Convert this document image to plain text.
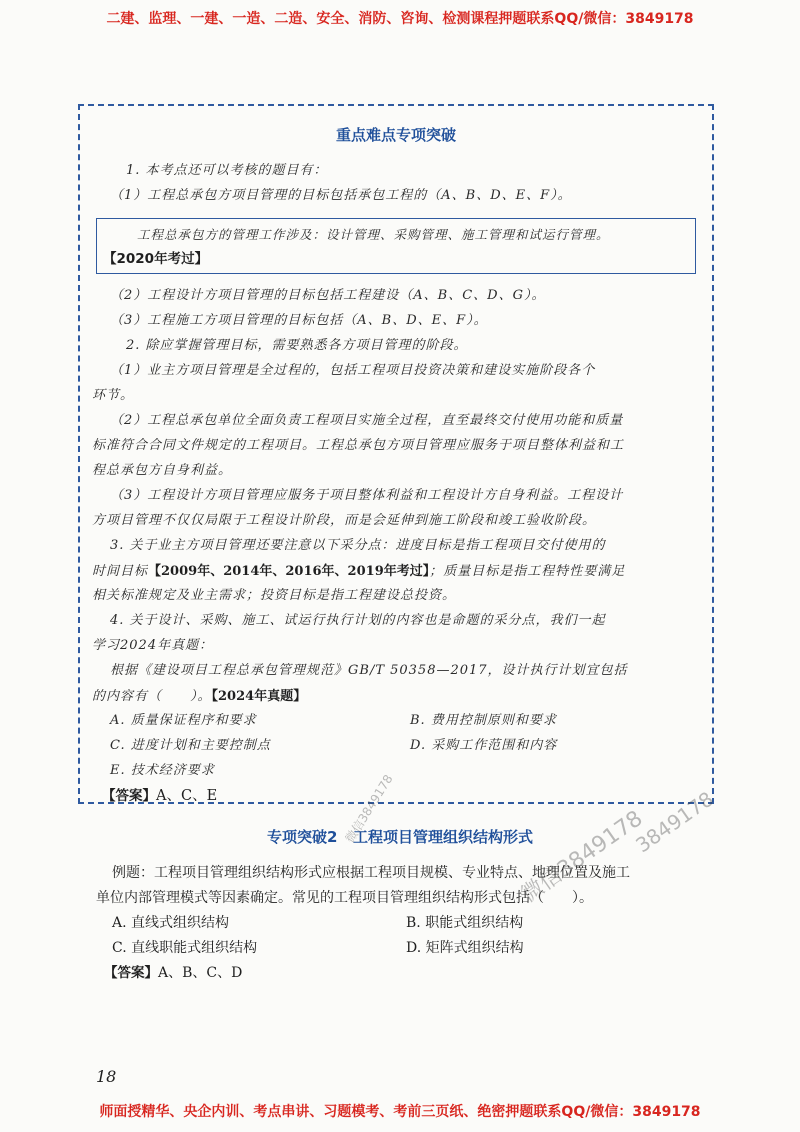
二建、监理、一建、一造、二造、安全、消防、咨询、检测课程押题联系QQ/微信：3849178
重点难点专项突破
1. 本考点还可以考核的题目有：
（1）工程总承包方项目管理的目标包括承包工程的（A、B、D、E、F）。
工程总承包方的管理工作涉及：设计管理、采购管理、施工管理和试运行管理。
【2020年考过】
（2）工程设计方项目管理的目标包括工程建设（A、B、C、D、G）。
（3）工程施工方项目管理的目标包括（A、B、D、E、F）。
2. 除应掌握管理目标，需要熟悉各方项目管理的阶段。
（1）业主方项目管理是全过程的，包括工程项目投资决策和建设实施阶段各个
环节。
（2）工程总承包单位全面负责工程项目实施全过程，直至最终交付使用功能和质量
标准符合合同文件规定的工程项目。工程总承包方项目管理应服务于项目整体利益和工
程总承包方自身利益。
（3）工程设计方项目管理应服务于项目整体利益和工程设计方自身利益。工程设计
方项目管理不仅仅局限于工程设计阶段，而是会延伸到施工阶段和竣工验收阶段。
3. 关于业主方项目管理还要注意以下采分点：进度目标是指工程项目交付使用的
时间目标【2009年、2014年、2016年、2019年考过】；质量目标是指工程特性要满足
相关标准规定及业主需求；投资目标是指工程建设总投资。
4. 关于设计、采购、施工、试运行执行计划的内容也是命题的采分点，我们一起
学习2024年真题：
根据《建设项目工程总承包管理规范》GB/T 50358—2017，设计执行计划宜包括
的内容有（　　）。【2024年真题】
A. 质量保证程序和要求	B. 费用控制原则和要求
C. 进度计划和主要控制点	D. 采购工作范围和内容
E. 技术经济要求
【答案】A、C、E
专项突破2 工程项目管理组织结构形式
例题：工程项目管理组织结构形式应根据工程项目规模、专业特点、地理位置及施工
单位内部管理模式等因素确定。常见的工程项目管理组织结构形式包括（　　）。
A. 直线式组织结构	B. 职能式组织结构
C. 直线职能式组织结构	D. 矩阵式组织结构
【答案】A、B、C、D
微信3849178	微信3849178
3849178
18
师面授精华、央企内训、考点串讲、习题模考、考前三页纸、绝密押题联系QQ/微信：3849178
